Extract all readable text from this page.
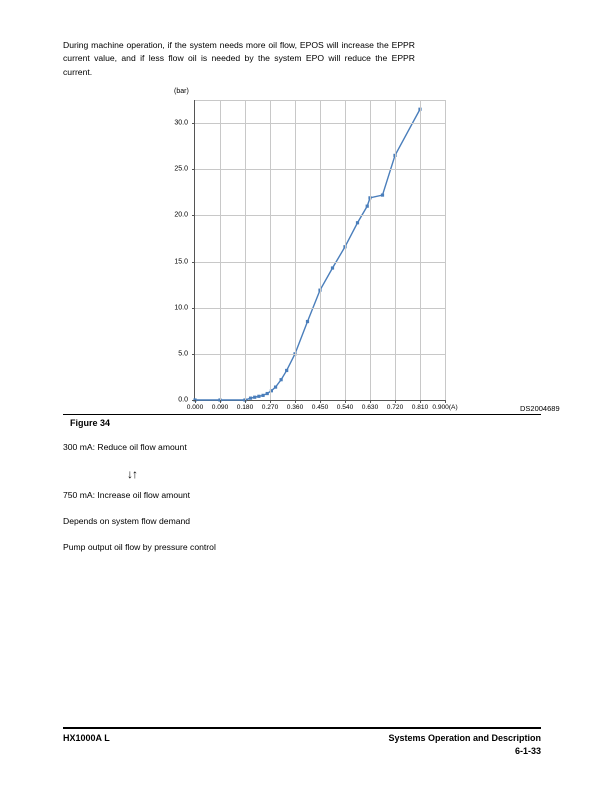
During machine operation, if the system needs more oil flow, EPOS will increase the EPPR current value, and if less flow oil is needed by the system EPO will reduce the EPPR current.

(bar)
0.000 0.090 0.180 0.270 0.360 0.450 0.540 0.630 0.720 0.810 0.900(A)
0.0
5.0
10.0
15.0
20.0
25.0
30.0
DS2004689
Figure 34

300 mA: Reduce oil flow amount

↓↑

750 mA: Increase oil flow amount

Depends on system flow demand

Pump output oil flow by pressure control

HX1000A L	Systems Operation and Description
6-1-33
